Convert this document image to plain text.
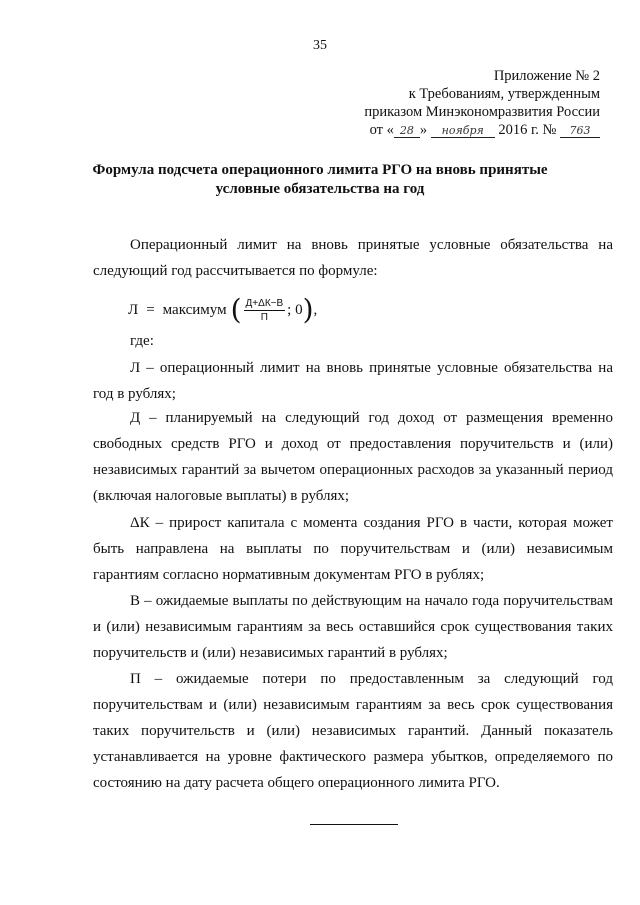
35
Приложение № 2
к Требованиям, утвержденным
приказом Минэкономразвития России
от « 28 » ноября 2016 г. № 763
Формула подсчета операционного лимита РГО на вновь принятые условные обязательства на год
Операционный лимит на вновь принятые условные обязательства на следующий год рассчитывается по формуле:
Л = максимум ( $\frac{Д+\Delta К-В}{П}$ ; 0 ) ,
где:
Л – операционный лимит на вновь принятые условные обязательства на год в рублях;
Д – планируемый на следующий год доход от размещения временно свободных средств РГО и доход от предоставления поручительств и (или) независимых гарантий за вычетом операционных расходов за указанный период (включая налоговые выплаты) в рублях;
ΔК – прирост капитала с момента создания РГО в части, которая может быть направлена на выплаты по поручительствам и (или) независимым гарантиям согласно нормативным документам РГО в рублях;
В – ожидаемые выплаты по действующим на начало года поручительствам и (или) независимым гарантиям за весь оставшийся срок существования таких поручительств и (или) независимых гарантий в рублях;
П – ожидаемые потери по предоставленным за следующий год поручительствам и (или) независимым гарантиям за весь срок существования таких поручительств и (или) независимых гарантий. Данный показатель устанавливается на уровне фактического размера убытков, определяемого по состоянию на дату расчета общего операционного лимита РГО.
